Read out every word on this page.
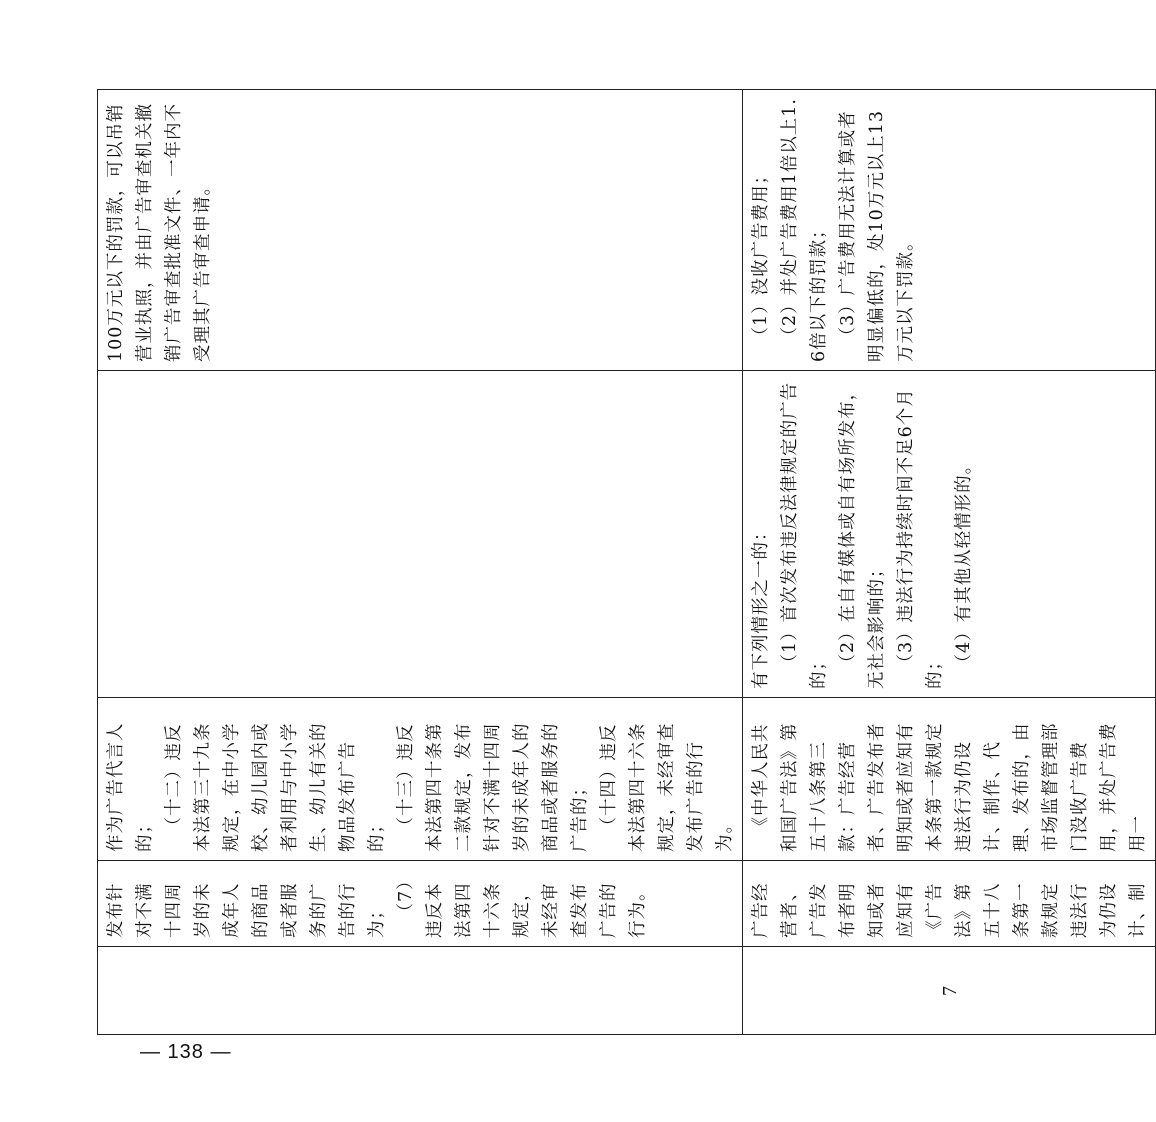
	发布针对不满十四周岁的未成年人的商品或者服务的广告的行为； （7）违反本法第四十六条规定，未经审查发布广告的行为。	作为广告代言人的； （十二）违反本法第三十九条规定，在中小学校、幼儿园内或者利用与中小学生、幼儿有关的物品发布广告的； （十三）违反本法第四十条第二款规定，发布针对不满十四周岁的未成年人的商品或者服务的广告的； （十四）违反本法第四十六条规定，未经审查发布广告的行为。		100万元以下的罚款，可以吊销营业执照，并由广告审查机关撤销广告审查批准文件、一年内不受理其广告审查申请。

7	广告经营者、广告发布者明知或者应知有《广告法》第五十八条第一款规定违法行为仍设计、制	《中华人民共和国广告法》第五十八条第三款：广告经营者、广告发布者明知或者应知有本条第一款规定违法行为仍设计、制作、代理、发布的，由市场监督管理部门没收广告费用，并处广告费用一	有下列情形之一的： （1）首次发布违反法律规定的广告的； （2）在自有媒体或自有场所发布，无社会影响的； （3）违法行为持续时间不足6个月的； （4）有其他从轻情形的。	（1）没收广告费用； （2）并处广告费用1倍以上1.6倍以下的罚款； （3）广告费用无法计算或者明显偏低的，处10万元以上13万元以下罚款。
— 138 —
